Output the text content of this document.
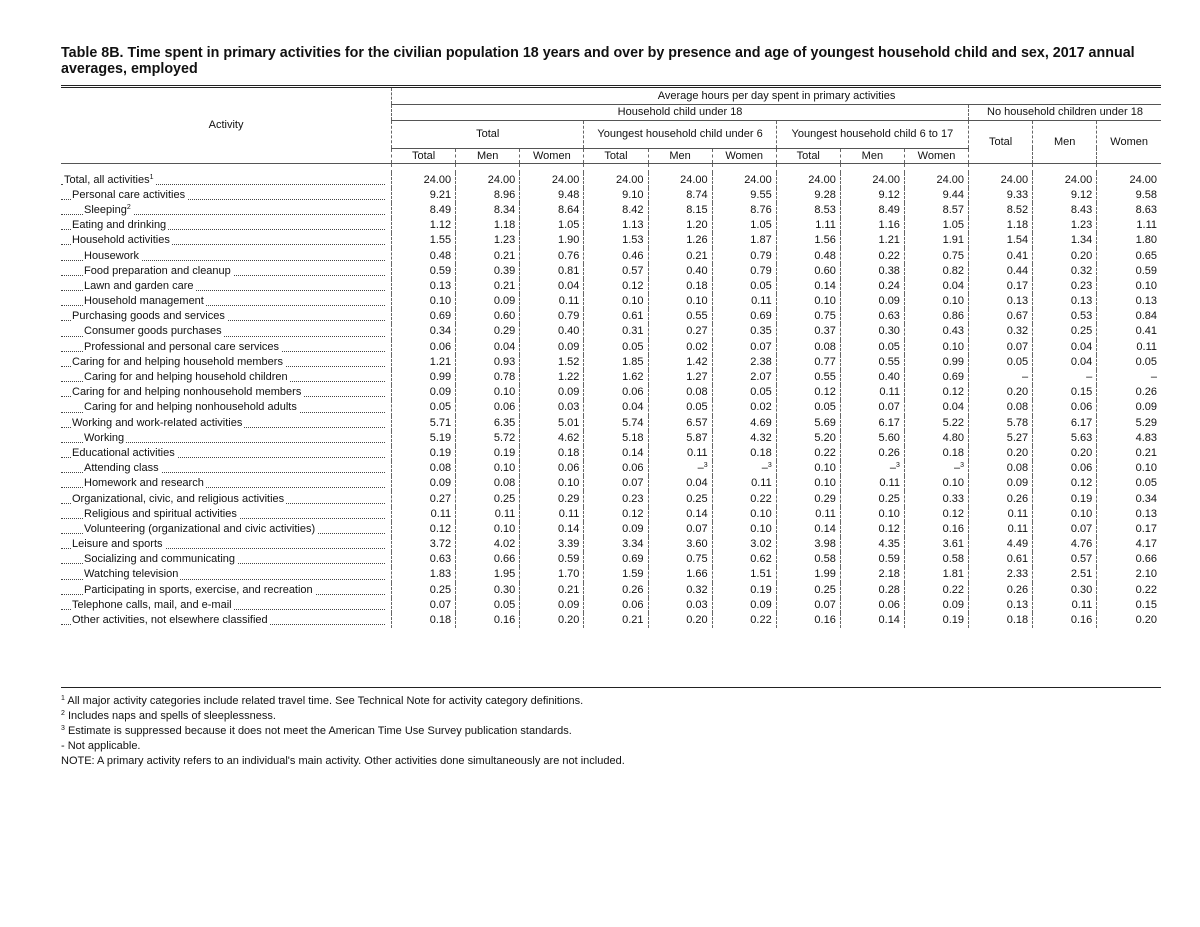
Table 8B. Time spent in primary activities for the civilian population 18 years and over by presence and age of youngest household child and sex, 2017 annual averages, employed
Activity	Average hours per day spent in primary activities											
	Household child under 18									No household children under 18		
	Total			Youngest household child under 6			Youngest household child 6 to 17			Total	Men	Women
	Total	Men	Women	Total	Men	Women	Total	Men	Women			

Total, all activities$^1$	24.00	24.00	24.00	24.00	24.00	24.00	24.00	24.00	24.00	24.00	24.00	24.00

Personal care activities	9.21	8.96	9.48	9.10	8.74	9.55	9.28	9.12	9.44	9.33	9.12	9.58

Sleeping$^2$	8.49	8.34	8.64	8.42	8.15	8.76	8.53	8.49	8.57	8.52	8.43	8.63

Eating and drinking	1.12	1.18	1.05	1.13	1.20	1.05	1.11	1.16	1.05	1.18	1.23	1.11

Household activities	1.55	1.23	1.90	1.53	1.26	1.87	1.56	1.21	1.91	1.54	1.34	1.80

Housework	0.48	0.21	0.76	0.46	0.21	0.79	0.48	0.22	0.75	0.41	0.20	0.65

Food preparation and cleanup	0.59	0.39	0.81	0.57	0.40	0.79	0.60	0.38	0.82	0.44	0.32	0.59

Lawn and garden care	0.13	0.21	0.04	0.12	0.18	0.05	0.14	0.24	0.04	0.17	0.23	0.10

Household management	0.10	0.09	0.11	0.10	0.10	0.11	0.10	0.09	0.10	0.13	0.13	0.13

Purchasing goods and services	0.69	0.60	0.79	0.61	0.55	0.69	0.75	0.63	0.86	0.67	0.53	0.84

Consumer goods purchases	0.34	0.29	0.40	0.31	0.27	0.35	0.37	0.30	0.43	0.32	0.25	0.41

Professional and personal care services	0.06	0.04	0.09	0.05	0.02	0.07	0.08	0.05	0.10	0.07	0.04	0.11

Caring for and helping household members	1.21	0.93	1.52	1.85	1.42	2.38	0.77	0.55	0.99	0.05	0.04	0.05

Caring for and helping household children	0.99	0.78	1.22	1.62	1.27	2.07	0.55	0.40	0.69	–	–	–

Caring for and helping nonhousehold members	0.09	0.10	0.09	0.06	0.08	0.05	0.12	0.11	0.12	0.20	0.15	0.26

Caring for and helping nonhousehold adults	0.05	0.06	0.03	0.04	0.05	0.02	0.05	0.07	0.04	0.08	0.06	0.09

Working and work-related activities	5.71	6.35	5.01	5.74	6.57	4.69	5.69	6.17	5.22	5.78	6.17	5.29

Working	5.19	5.72	4.62	5.18	5.87	4.32	5.20	5.60	4.80	5.27	5.63	4.83

Educational activities	0.19	0.19	0.18	0.14	0.11	0.18	0.22	0.26	0.18	0.20	0.20	0.21

Attending class	0.08	0.10	0.06	0.06	–$^3$	–$^3$	0.10	–$^3$	–$^3$	0.08	0.06	0.10

Homework and research	0.09	0.08	0.10	0.07	0.04	0.11	0.10	0.11	0.10	0.09	0.12	0.05

Organizational, civic, and religious activities	0.27	0.25	0.29	0.23	0.25	0.22	0.29	0.25	0.33	0.26	0.19	0.34

Religious and spiritual activities	0.11	0.11	0.11	0.12	0.14	0.10	0.11	0.10	0.12	0.11	0.10	0.13

Volunteering (organizational and civic activities)	0.12	0.10	0.14	0.09	0.07	0.10	0.14	0.12	0.16	0.11	0.07	0.17

Leisure and sports	3.72	4.02	3.39	3.34	3.60	3.02	3.98	4.35	3.61	4.49	4.76	4.17

Socializing and communicating	0.63	0.66	0.59	0.69	0.75	0.62	0.58	0.59	0.58	0.61	0.57	0.66

Watching television	1.83	1.95	1.70	1.59	1.66	1.51	1.99	2.18	1.81	2.33	2.51	2.10

Participating in sports, exercise, and recreation	0.25	0.30	0.21	0.26	0.32	0.19	0.25	0.28	0.22	0.26	0.30	0.22

Telephone calls, mail, and e-mail	0.07	0.05	0.09	0.06	0.03	0.09	0.07	0.06	0.09	0.13	0.11	0.15

Other activities, not elsewhere classified	0.18	0.16	0.20	0.21	0.20	0.22	0.16	0.14	0.19	0.18	0.16	0.20
$^1$ All major activity categories include related travel time. See Technical Note for activity category definitions.
$^2$ Includes naps and spells of sleeplessness.
$^3$ Estimate is suppressed because it does not meet the American Time Use Survey publication standards.
- Not applicable.
NOTE: A primary activity refers to an individual's main activity. Other activities done simultaneously are not included.
